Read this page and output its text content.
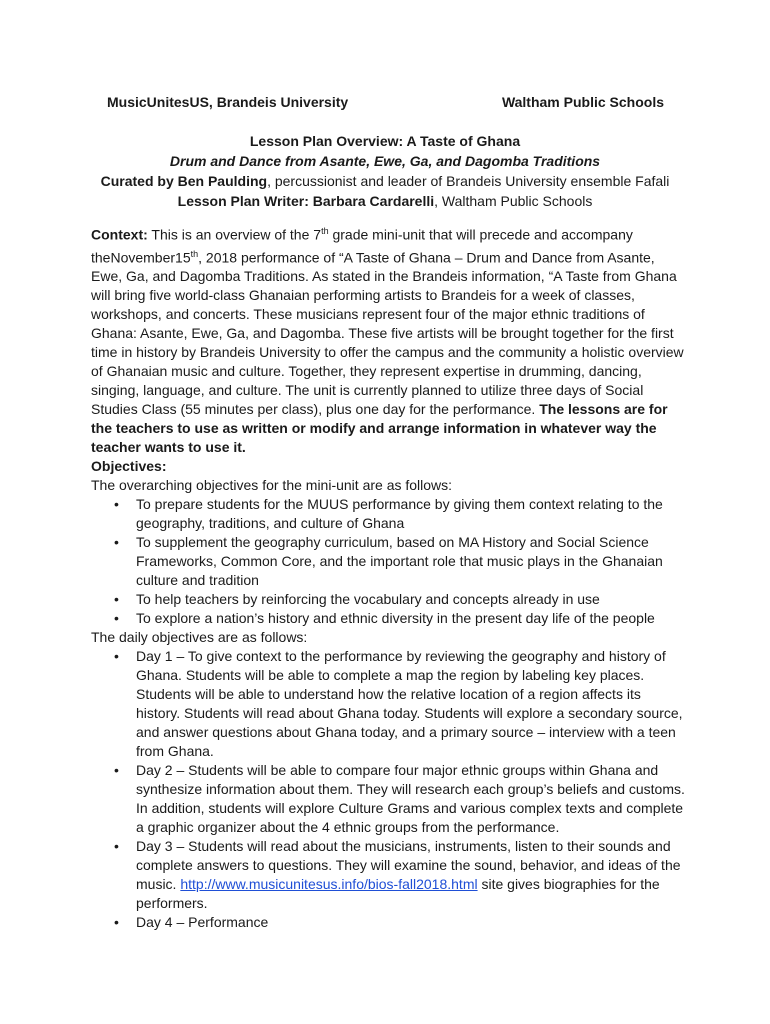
MusicUnitesUS, Brandeis University	Waltham Public Schools
Lesson Plan Overview: A Taste of Ghana
Drum and Dance from Asante, Ewe, Ga, and Dagomba Traditions
Curated by Ben Paulding, percussionist and leader of Brandeis University ensemble Fafali
Lesson Plan Writer: Barbara Cardarelli, Waltham Public Schools

Context: This is an overview of the 7th grade mini-unit that will precede and accompany theNovember15th, 2018 performance of “A Taste of Ghana – Drum and Dance from Asante, Ewe, Ga, and Dagomba Traditions. As stated in the Brandeis information, “A Taste from Ghana will bring five world-class Ghanaian performing artists to Brandeis for a week of classes, workshops, and concerts. These musicians represent four of the major ethnic traditions of Ghana: Asante, Ewe, Ga, and Dagomba. These five artists will be brought together for the first time in history by Brandeis University to offer the campus and the community a holistic overview of Ghanaian music and culture. Together, they represent expertise in drumming, dancing, singing, language, and culture. The unit is currently planned to utilize three days of Social Studies Class (55 minutes per class), plus one day for the performance. The lessons are for the teachers to use as written or modify and arrange information in whatever way the teacher wants to use it.

Objectives:

The overarching objectives for the mini-unit are as follows:

• To prepare students for the MUUS performance by giving them context relating to the geography, traditions, and culture of Ghana
• To supplement the geography curriculum, based on MA History and Social Science Frameworks, Common Core, and the important role that music plays in the Ghanaian culture and tradition
• To help teachers by reinforcing the vocabulary and concepts already in use
• To explore a nation’s history and ethnic diversity in the present day life of the people

The daily objectives are as follows:

• Day 1 – To give context to the performance by reviewing the geography and history of Ghana. Students will be able to complete a map the region by labeling key places. Students will be able to understand how the relative location of a region affects its history. Students will read about Ghana today. Students will explore a secondary source, and answer questions about Ghana today, and a primary source – interview with a teen from Ghana.
• Day 2 – Students will be able to compare four major ethnic groups within Ghana and synthesize information about them. They will research each group’s beliefs and customs. In addition, students will explore Culture Grams and various complex texts and complete a graphic organizer about the 4 ethnic groups from the performance.
• Day 3 – Students will read about the musicians, instruments, listen to their sounds and complete answers to questions. They will examine the sound, behavior, and ideas of the music. http://www.musicunitesus.info/bios-fall2018.html site gives biographies for the performers.
• Day 4 – Performance
